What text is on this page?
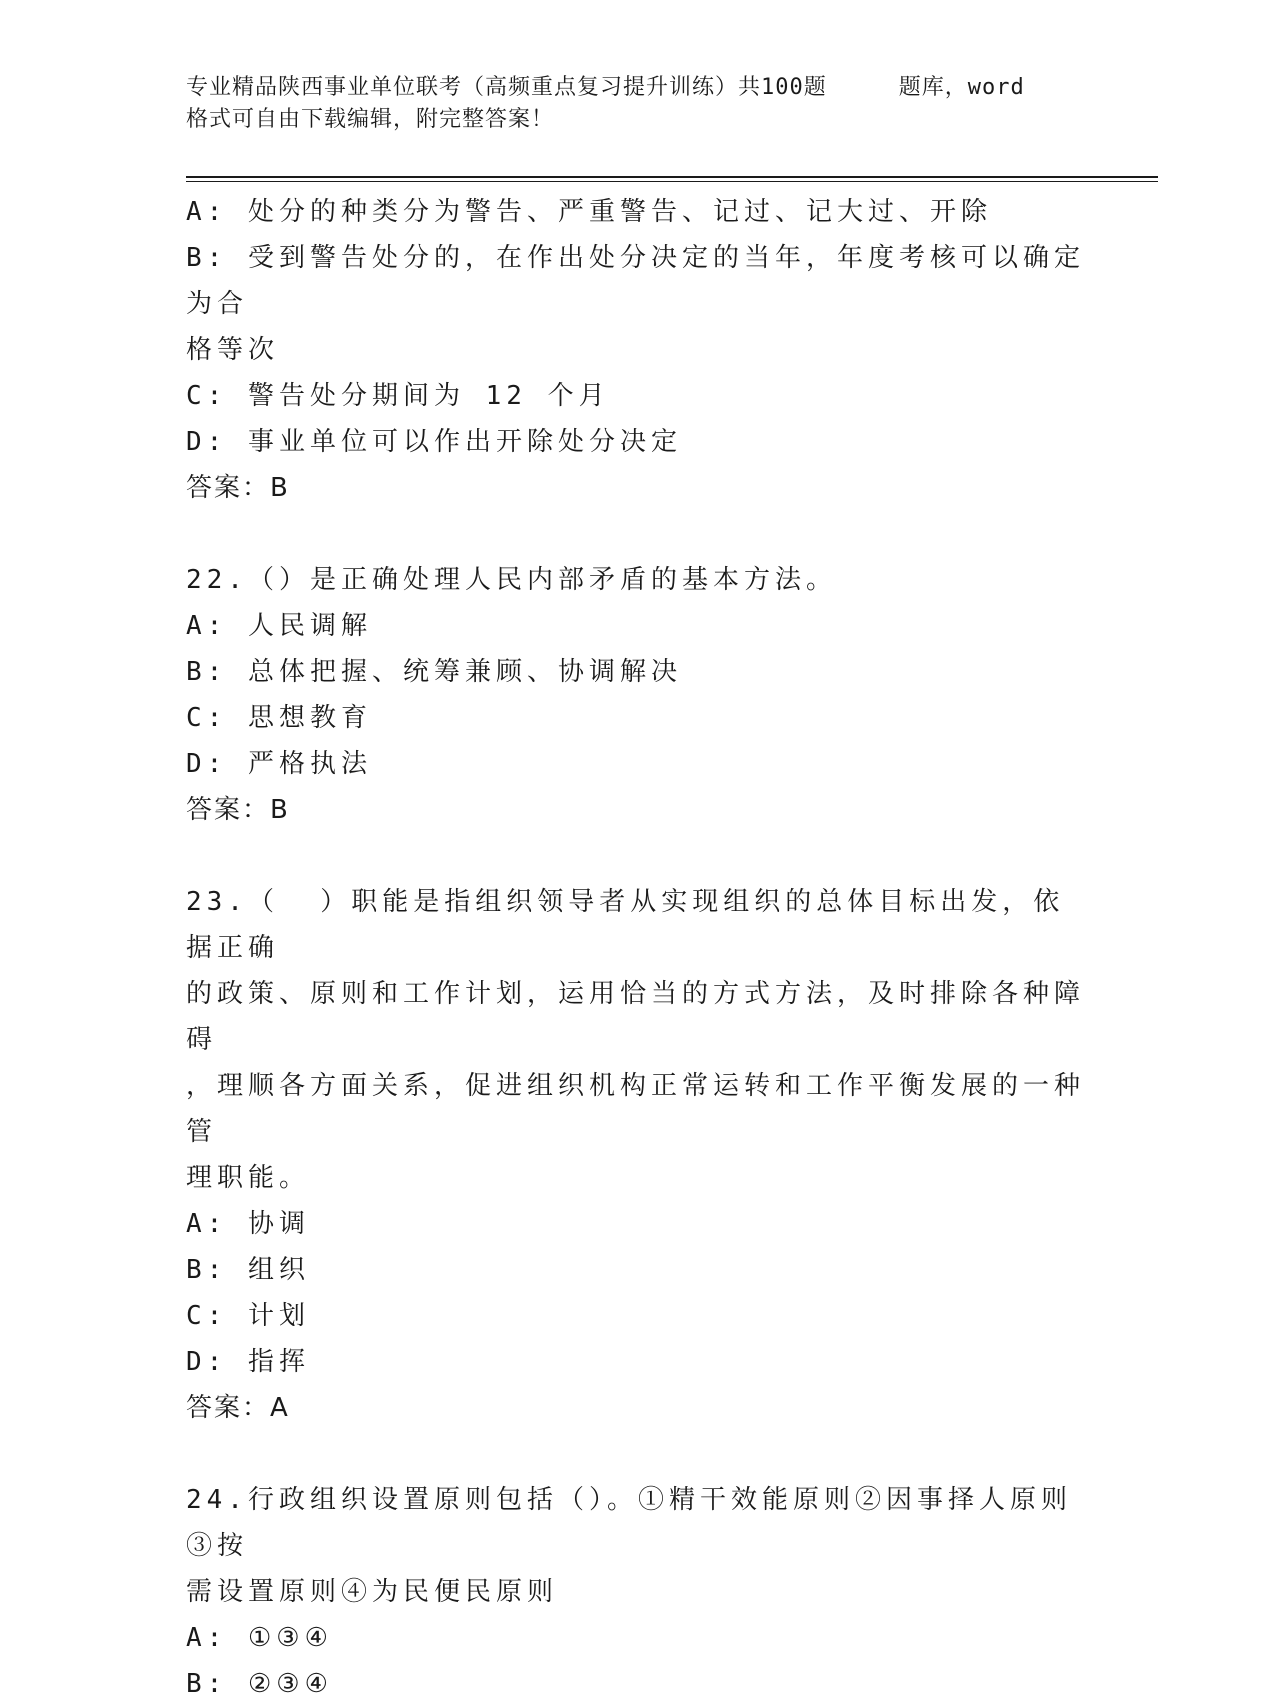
专业精品陕西事业单位联考（高频重点复习提升训练）共100题	题库，word
格式可自由下载编辑，附完整答案！

A: 处分的种类分为警告、严重警告、记过、记大过、开除

B: 受到警告处分的，在作出处分决定的当年，年度考核可以确定为合

格等次

C: 警告处分期间为 12 个月

D: 事业单位可以作出开除处分决定

答案：B

22.（）是正确处理人民内部矛盾的基本方法。

A: 人民调解

B: 总体把握、统筹兼顾、协调解决

C: 思想教育

D: 严格执法

答案：B

23.（  ）职能是指组织领导者从实现组织的总体目标出发，依据正确

的政策、原则和工作计划，运用恰当的方式方法，及时排除各种障碍

，理顺各方面关系，促进组织机构正常运转和工作平衡发展的一种管

理职能。

A: 协调

B: 组织

C: 计划

D: 指挥

答案：A

24.行政组织设置原则包括（）。①精干效能原则②因事择人原则③按

需设置原则④为民便民原则

A: ①③④

B: ②③④
